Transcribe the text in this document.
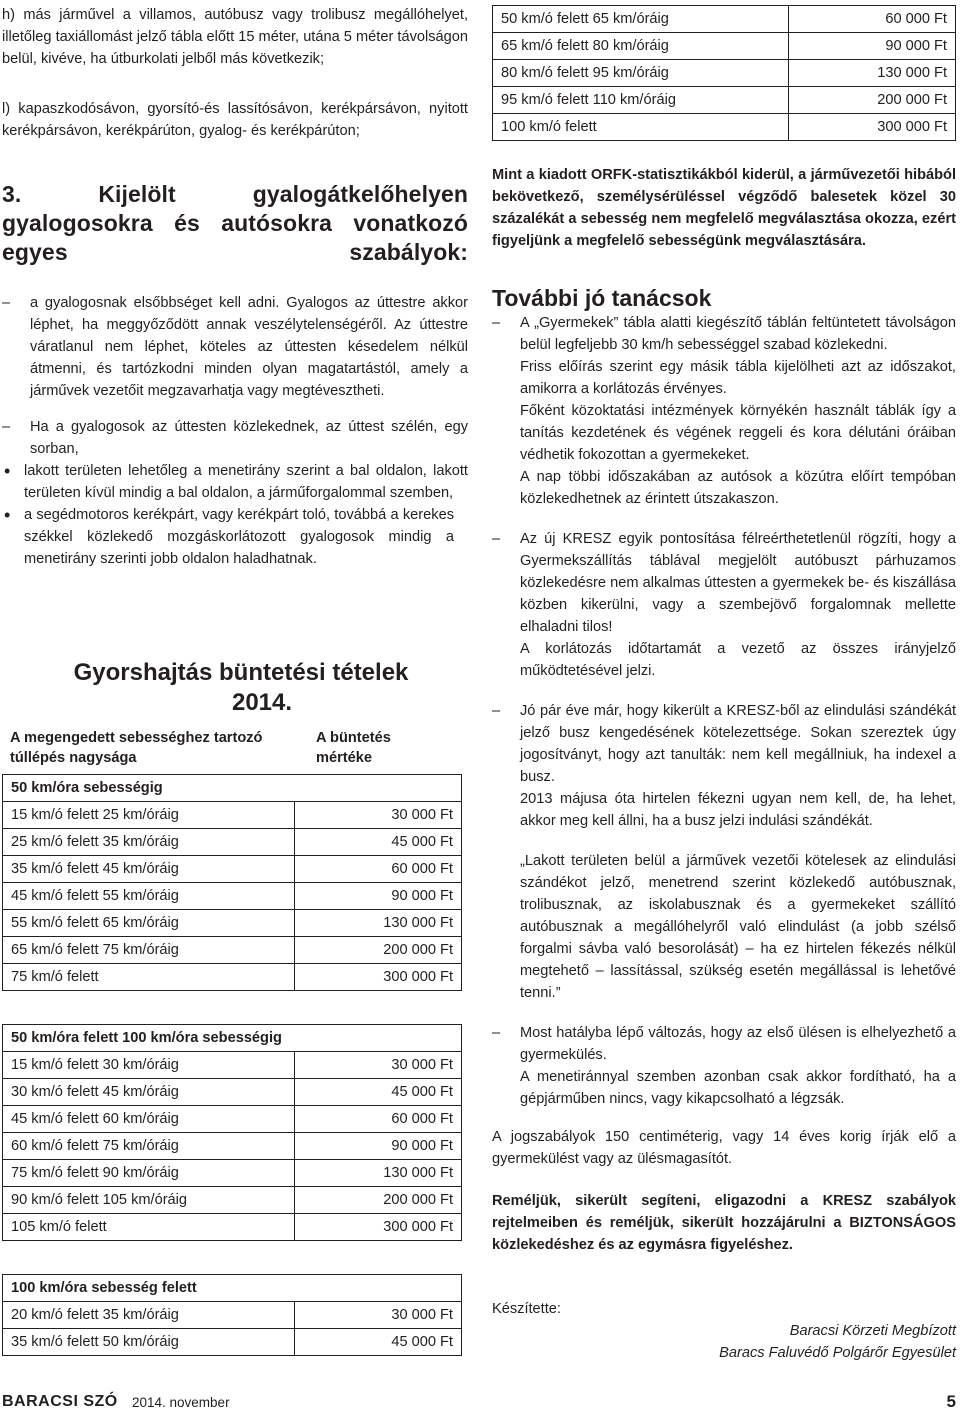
h) más járművel a villamos, autóbusz vagy trolibusz megállóhelyet, illetőleg taxiállomást jelző tábla előtt 15 méter, utána 5 méter távolságon belül, kivéve, ha útburkolati jelből más következik;

l) kapaszkodósávon, gyorsító-és lassítósávon, kerékpársávon, nyitott kerékpársávon, kerékpárúton, gyalog- és kerékpárúton;

3. Kijelölt gyalogátkelőhelyen gyalogosokra és autósokra vonatkozó egyes szabályok:

– a gyalogosnak elsőbbséget kell adni. Gyalogos az úttestre akkor léphet, ha meggyőződött annak veszélytelenségéről. Az úttestre váratlanul nem léphet, köteles az úttesten késedelem nélkül átmenni, és tartózkodni minden olyan magatartástól, amely a járművek vezetőit megzavarhatja vagy megtévesztheti.

– Ha a gyalogosok az úttesten közlekednek, az úttest szélén, egy sorban,

• lakott területen lehetőleg a menetirány szerint a bal oldalon, lakott területen kívül mindig a bal oldalon, a járműforgalommal szemben,

• a segédmotoros kerékpárt, vagy kerékpárt toló, továbbá a kerekes székkel közlekedő mozgáskorlátozott gyalogosok mindig a menetirány szerinti jobb oldalon haladhatnak.

Gyorshajtás büntetési tételek
2014.
A megengedett sebességhez tartozó túllépés nagysága
A büntetés mértéke
50 km/óra sebességig	
15 km/ó felett 25 km/óráig	30 000 Ft
25 km/ó felett 35 km/óráig	45 000 Ft
35 km/ó felett 45 km/óráig	60 000 Ft
45 km/ó felett 55 km/óráig	90 000 Ft
55 km/ó felett 65 km/óráig	130 000 Ft
65 km/ó felett 75 km/óráig	200 000 Ft
75 km/ó felett	300 000 Ft
50 km/óra felett 100 km/óra sebességig	
15 km/ó felett 30 km/óráig	30 000 Ft
30 km/ó felett 45 km/óráig	45 000 Ft
45 km/ó felett 60 km/óráig	60 000 Ft
60 km/ó felett 75 km/óráig	90 000 Ft
75 km/ó felett 90 km/óráig	130 000 Ft
90 km/ó felett 105 km/óráig	200 000 Ft
105 km/ó felett	300 000 Ft
100 km/óra sebesség felett	
20 km/ó felett 35 km/óráig	30 000 Ft
35 km/ó felett 50 km/óráig	45 000 Ft
50 km/ó felett 65 km/óráig	60 000 Ft
65 km/ó felett 80 km/óráig	90 000 Ft
80 km/ó felett 95 km/óráig	130 000 Ft
95 km/ó felett 110 km/óráig	200 000 Ft
100 km/ó felett	300 000 Ft

Mint a kiadott ORFK-statisztikákból kiderül, a járművezetői hibából bekövetkező, személysérüléssel végződő balesetek közel 30 százalékát a sebesség nem megfelelő megválasztása okozza, ezért figyeljünk a megfelelő sebességünk megválasztására.

További jó tanácsok

– A „Gyermekek” tábla alatti kiegészítő táblán feltüntetett távolságon belül legfeljebb 30 km/h sebességgel szabad közlekedni.

Friss előírás szerint egy másik tábla kijelölheti azt az időszakot, amikorra a korlátozás érvényes.

Főként közoktatási intézmények környékén használt táblák így a tanítás kezdetének és végének reggeli és kora délutáni óráiban védhetik fokozottan a gyermekeket.

A nap többi időszakában az autósok a közútra előírt tempóban közlekedhetnek az érintett útszakaszon.

– Az új KRESZ egyik pontosítása félreérthetetlenül rögzíti, hogy a Gyermekszállítás táblával megjelölt autóbuszt párhuzamos közlekedésre nem alkalmas úttesten a gyermekek be- és kiszállása közben kikerülni, vagy a szembejövő forgalomnak mellette elhaladni tilos!

A korlátozás időtartamát a vezető az összes irányjelző működtetésével jelzi.

– Jó pár éve már, hogy kikerült a KRESZ-ből az elindulási szándékát jelző busz kengedésének kötelezettsége. Sokan szereztek úgy jogosítványt, hogy azt tanulták: nem kell megállniuk, ha indexel a busz.

2013 májusa óta hirtelen fékezni ugyan nem kell, de, ha lehet, akkor meg kell állni, ha a busz jelzi indulási szándékát.

„Lakott területen belül a járművek vezetői kötelesek az elindulási szándékot jelző, menetrend szerint közlekedő autóbusznak, trolibusznak, az iskolabusznak és a gyermekeket szállító autóbusznak a megállóhelyről való elindulást (a jobb szélső forgalmi sávba való besorolását) – ha ez hirtelen fékezés nélkül megtehető – lassítással, szükség esetén megállással is lehetővé tenni.”

– Most hatályba lépő változás, hogy az első ülésen is elhelyezhető a gyermekülés.

A menetiránnyal szemben azonban csak akkor fordítható, ha a gépjárműben nincs, vagy kikapcsolható a légzsák.

A jogszabályok 150 centiméterig, vagy 14 éves korig írják elő a gyermekülést vagy az ülésmagasítót.

Reméljük, sikerült segíteni, eligazodni a KRESZ szabályok rejtelmeiben és reméljük, sikerült hozzájárulni a BIZTONSÁGOS közlekedéshez és az egymásra figyeléshez.

Készítette:

Baracsi Körzeti Megbízott
Baracs Faluvédő Polgárőr Egyesület
BARACSI SZÓ 2014. november	5
